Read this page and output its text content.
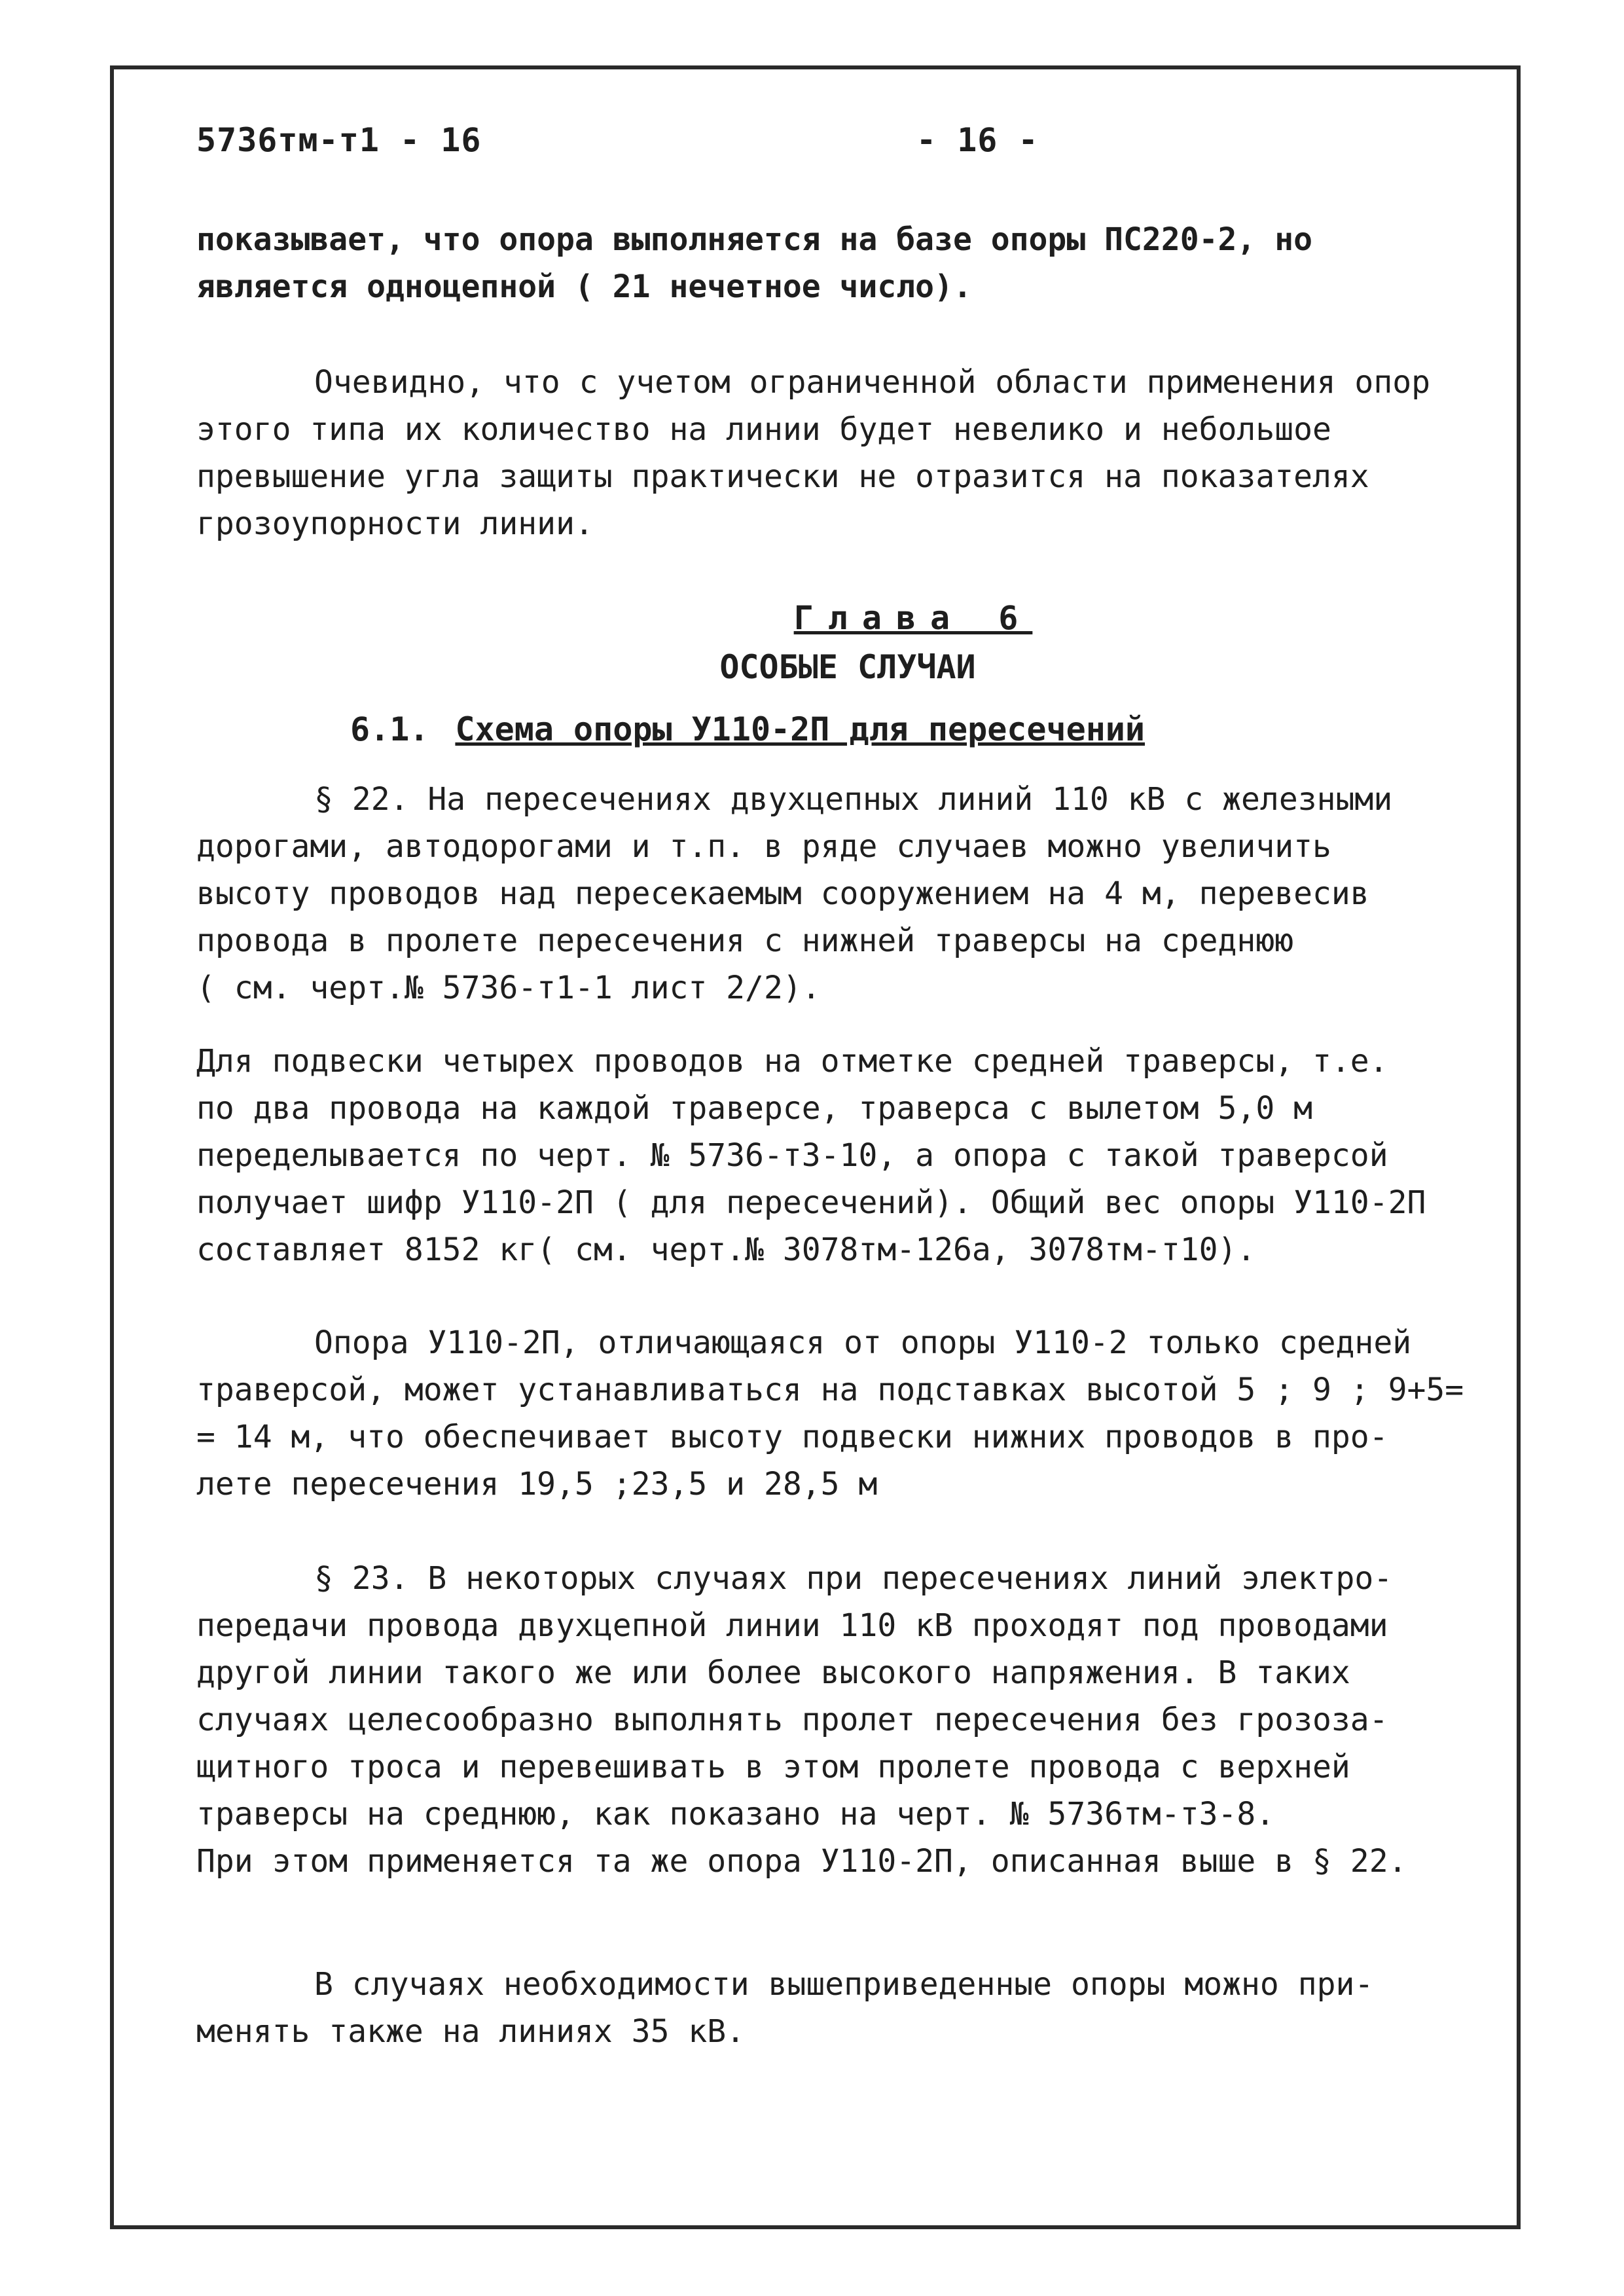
5736тм-т1 - 16	- 16 -

показывает, что опора выполняется на базе опоры ПС220-2, но

является одноцепной ( 21 нечетное число).

Очевидно, что с учетом ограниченной области применения опор

этого типа их количество на линии будет невелико и небольшое

превышение угла защиты практически не отразится на показателях

грозоупорности линии.

Глава 6
ОСОБЫЕ СЛУЧАИ
6.1. Схема опоры У110-2П для пересечений

§ 22. На пересечениях двухцепных линий 110 кВ с железными

дорогами, автодорогами и т.п. в ряде случаев можно увеличить

высоту проводов над пересекаемым сооружением на 4 м, перевесив

провода в пролете пересечения с нижней траверсы на среднюю

( см. черт.№ 5736-т1-1 лист 2/2).

Для подвески четырех проводов на отметке средней траверсы, т.е.

по два провода на каждой траверсе, траверса с вылетом 5,0 м

переделывается по черт. № 5736-т3-10, а опора с такой траверсой

получает шифр У110-2П ( для пересечений). Общий вес опоры У110-2П

составляет 8152 кг( см. черт.№ 3078тм-126а, 3078тм-т10).

Опора У110-2П, отличающаяся от опоры У110-2 только средней

траверсой, может устанавливаться на подставках высотой 5 ; 9 ; 9+5=

= 14 м, что обеспечивает высоту подвески нижних проводов в про-

лете пересечения 19,5 ;23,5 и 28,5 м

§ 23. В некоторых случаях при пересечениях линий электро-

передачи провода двухцепной линии 110 кВ проходят под проводами

другой линии такого же или более высокого напряжения. В таких

случаях целесообразно выполнять пролет пересечения без грозоза-

щитного троса и перевешивать в этом пролете провода с верхней

траверсы на среднюю, как показано на черт. № 5736тм-т3-8.

При этом применяется та же опора У110-2П, описанная выше в § 22.

В случаях необходимости вышеприведенные опоры можно при-

менять также на линиях 35 кВ.
